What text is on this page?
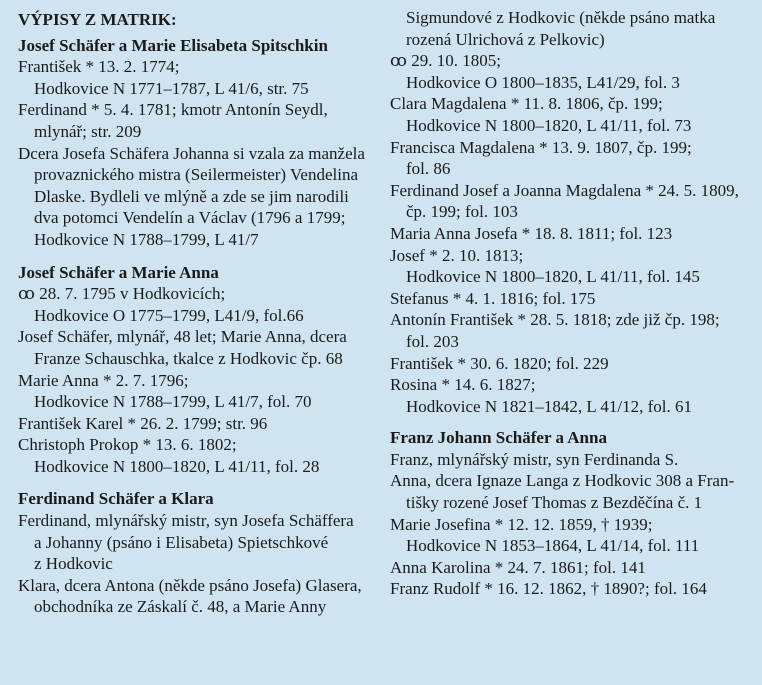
VÝPISY Z MATRIK:
Josef Schäfer a Marie Elisabeta Spitschkin
František * 13. 2. 1774;
Hodkovice N 1771–1787, L 41/6, str. 75
Ferdinand * 5. 4. 1781; kmotr Antonín Seydl,
mlynář; str. 209
Dcera Josefa Schäfera Johanna si vzala za manžela
provaznického mistra (Seilermeister) Vendelina
Dlaske. Bydleli ve mlýně a zde se jim narodili
dva potomci Vendelín a Václav (1796 a 1799;
Hodkovice N 1788–1799, L 41/7
Josef Schäfer a Marie Anna
ꝏ 28. 7. 1795 v Hodkovicích;
Hodkovice O 1775–1799, L41/9, fol.66
Josef Schäfer, mlynář, 48 let; Marie Anna, dcera
Franze Schauschka, tkalce z Hodkovic čp. 68
Marie Anna * 2. 7. 1796;
Hodkovice N 1788–1799, L 41/7, fol. 70
František Karel * 26. 2. 1799; str. 96
Christoph Prokop * 13. 6. 1802;
Hodkovice N 1800–1820, L 41/11, fol. 28
Ferdinand Schäfer a Klara
Ferdinand, mlynářský mistr, syn Josefa Schäffera
a Johanny (psáno i Elisabeta) Spietschkové
z Hodkovic
Klara, dcera Antona (někde psáno Josefa) Glasera,
obchodníka ze Záskalí č. 48, a Marie Anny
Sigmundové z Hodkovic (někde psáno matka
rozená Ulrichová z Pelkovic)
ꝏ 29. 10. 1805;
Hodkovice O 1800–1835, L41/29, fol. 3
Clara Magdalena * 11. 8. 1806, čp. 199;
Hodkovice N 1800–1820, L 41/11, fol. 73
Francisca Magdalena * 13. 9. 1807, čp. 199;
fol. 86
Ferdinand Josef a Joanna Magdalena * 24. 5. 1809,
čp. 199; fol. 103
Maria Anna Josefa * 18. 8. 1811; fol. 123
Josef * 2. 10. 1813;
Hodkovice N 1800–1820, L 41/11, fol. 145
Stefanus * 4. 1. 1816; fol. 175
Antonín František * 28. 5. 1818; zde již čp. 198;
fol. 203
František * 30. 6. 1820; fol. 229
Rosina * 14. 6. 1827;
Hodkovice N 1821–1842, L 41/12, fol. 61
Franz Johann Schäfer a Anna
Franz, mlynářský mistr, syn Ferdinanda S.
Anna, dcera Ignaze Langa z Hodkovic 308 a Fran-
tišky rozené Josef Thomas z Bezděčína č. 1
Marie Josefina * 12. 12. 1859, † 1939;
Hodkovice N 1853–1864, L 41/14, fol. 111
Anna Karolina * 24. 7. 1861; fol. 141
Franz Rudolf * 16. 12. 1862, † 1890?; fol. 164
